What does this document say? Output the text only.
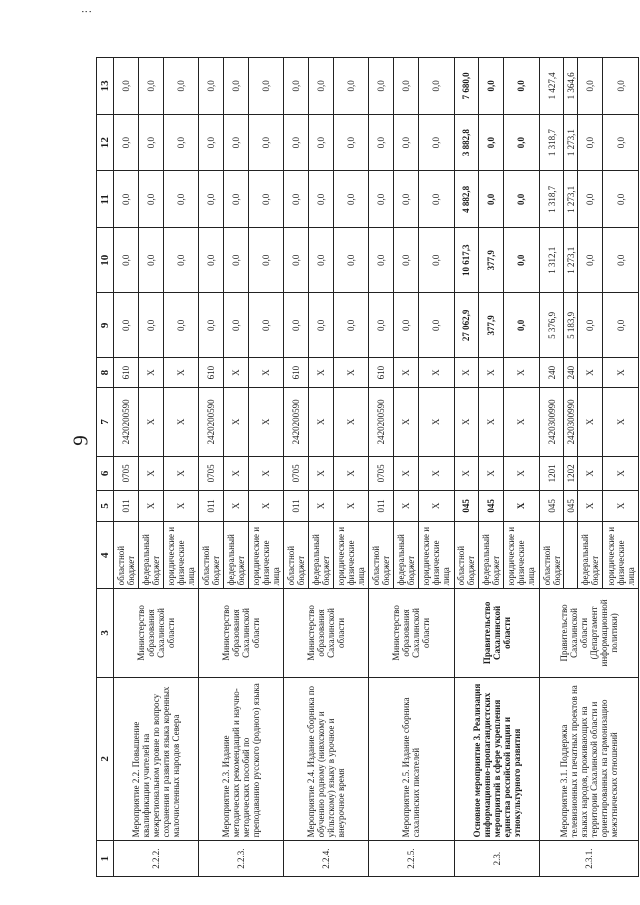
⋮
9
1	2	3	4	5	6	7	8	9	10	11	12	13
2.2.2.	Мероприятие 2.2. Повышение квалификации учителей на межрегиональном уровне по вопросу сохранения и развития языка коренных малочисленных народов Севера	Министерство образования Сахалинской области	областной бюджет	011	0705	2420200590	610	0,0	0,0	0,0	0,0	0,0
			федеральный бюджет	X	X	X	X	0,0	0,0	0,0	0,0	0,0
			юридические и физические лица	X	X	X	X	0,0	0,0	0,0	0,0	0,0
2.2.3.	Мероприятие 2.3. Издание методических рекомендаций и научно-методических пособий по преподаванию русского (родного) языка	Министерство образования Сахалинской области	областной бюджет	011	0705	2420200590	610	0,0	0,0	0,0	0,0	0,0
			федеральный бюджет	X	X	X	X	0,0	0,0	0,0	0,0	0,0
			юридические и физические лица	X	X	X	X	0,0	0,0	0,0	0,0	0,0
2.2.4.	Мероприятие 2.4. Издание сборника по обучению родному (нивхскому и уйльтскому) языку в урочное и внеурочное время	Министерство образования Сахалинской области	областной бюджет	011	0705	2420200590	610	0,0	0,0	0,0	0,0	0,0
			федеральный бюджет	X	X	X	X	0,0	0,0	0,0	0,0	0,0
			юридические и физические лица	X	X	X	X	0,0	0,0	0,0	0,0	0,0
2.2.5.	Мероприятие 2.5. Издание сборника сахалинских писателей	Министерство образования Сахалинской области	областной бюджет	011	0705	2420200590	610	0,0	0,0	0,0	0,0	0,0
			федеральный бюджет	X	X	X	X	0,0	0,0	0,0	0,0	0,0
			юридические и физические лица	X	X	X	X	0,0	0,0	0,0	0,0	0,0
2.3.	Основное мероприятие 3. Реализация информационно-пропагандистских мероприятий в сфере укрепления единства российской нации и этнокультурного развития	Правительство Сахалинской области	областной бюджет	045	X	X	X	27 062,9	10 617,3	4 882,8	3 882,8	7 680,0
			федеральный бюджет	045	X	X	X	377,9	377,9	0,0	0,0	0,0
			юридические и физические лица	X	X	X	X	0,0	0,0	0,0	0,0	0,0
2.3.1.	Мероприятие 3.1. Поддержка телевизионных и печатных проектов на языках народов, проживающих на территории Сахалинской области и ориентированных на гармонизацию межэтнических отношений	Правительство Сахалинской области (Департамент информационной политики)	областной бюджет	045	1201	2420300990	240	5 376,9	1 312,1	1 318,7	1 318,7	1 427,4
				045	1202	2420300990	240	5 183,9	1 273,1	1 273,1	1 273,1	1 364,6
			федеральный бюджет	X	X	X	X	0,0	0,0	0,0	0,0	0,0
			юридические и физические лица	X	X	X	X	0,0	0,0	0,0	0,0	0,0
